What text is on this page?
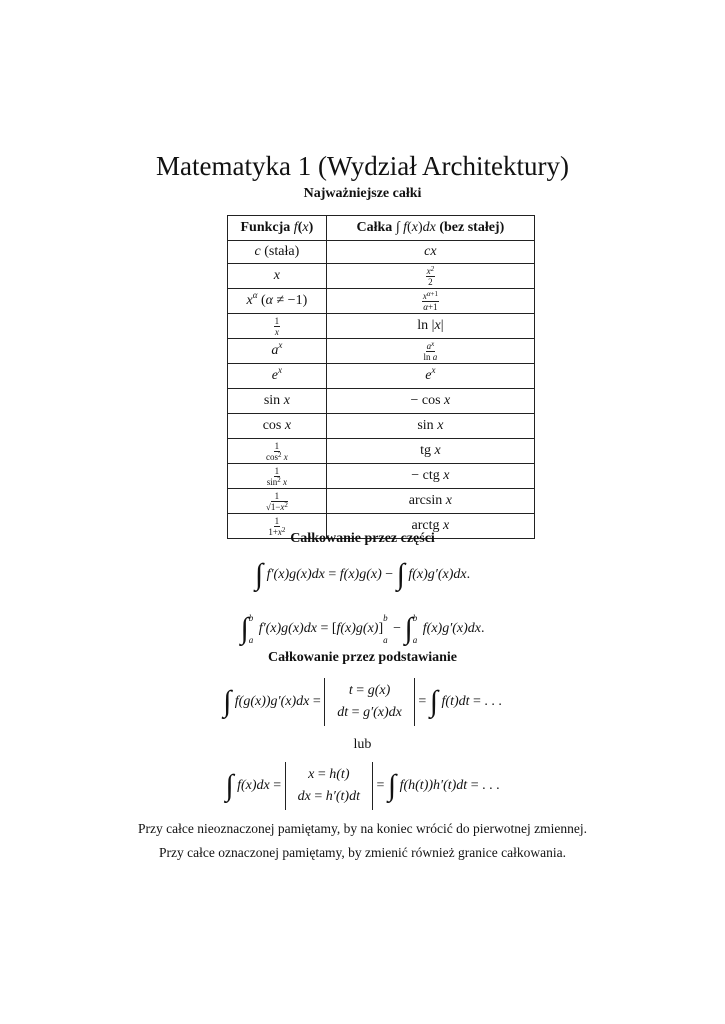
Matematyka 1 (Wydział Architektury)
Najważniejsze całki
Funkcja f(x)	Całka ∫ f(x)dx (bez stałej)
c (stała)	cx
x	$\frac{x^2}{2}$

$x^\alpha$ (α ≠ −1)	$\frac{x^{\alpha+1}}{\alpha+1}$

$\frac{1}{x}$	ln |x|
$a^x$	$\frac{a^x}{\text{ln a}}$

$e^x$	$e^x$
sin x	− cos x
cos x	sin x

$\frac{1}{\cos^2 x}$	tg x

$\frac{1}{\sin^2 x}$	− ctg x

$\frac{1}{√1-x^2}$	arcsin x

$\frac{1}{1+x^2}$	arctg x
Całkowanie przez części
∫ f′(x)g(x)dx = f(x)g(x) − ∫ f(x)g′(x)dx.
∫ b
a
f′(x)g(x)dx = [f(x)g(x)]
b
a
− ∫ b
a
f(x)g′(x)dx.
Całkowanie przez podstawianie
∫ f(g(x))g′(x)dx =
t = g(x)
dt = g′(x)dx
= ∫ f(t)dt = . . .
lub
∫ f(x)dx =
x = h(t)
dx = h′(t)dt
= ∫ f(h(t))h′(t)dt = . . .
Przy całce nieoznaczonej pamiętamy, by na koniec wrócić do pierwotnej zmiennej.
Przy całce oznaczonej pamiętamy, by zmienić również granice całkowania.
